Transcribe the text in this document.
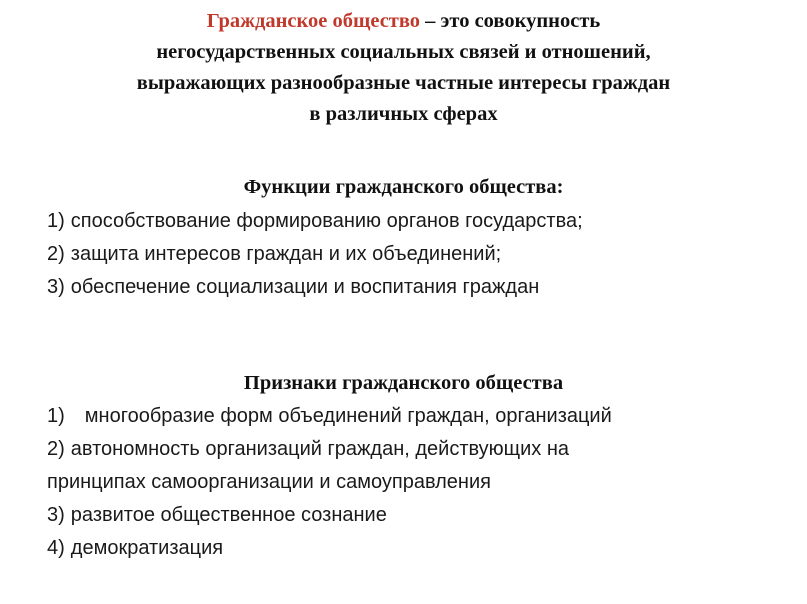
Гражданское общество – это совокупность
негосударственных социальных связей и отношений,
выражающих разнообразные частные интересы граждан
в различных сферах
Функции гражданского общества:
1) способствование формированию органов государства;
2) защита интересов граждан и их объединений;
3) обеспечение социализации и воспитания граждан
Признаки гражданского общества
1) многообразие форм объединений граждан, организаций
2) автономность организаций граждан, действующих на
принципах самоорганизации и самоуправления
3) развитое общественное сознание
4) демократизация
